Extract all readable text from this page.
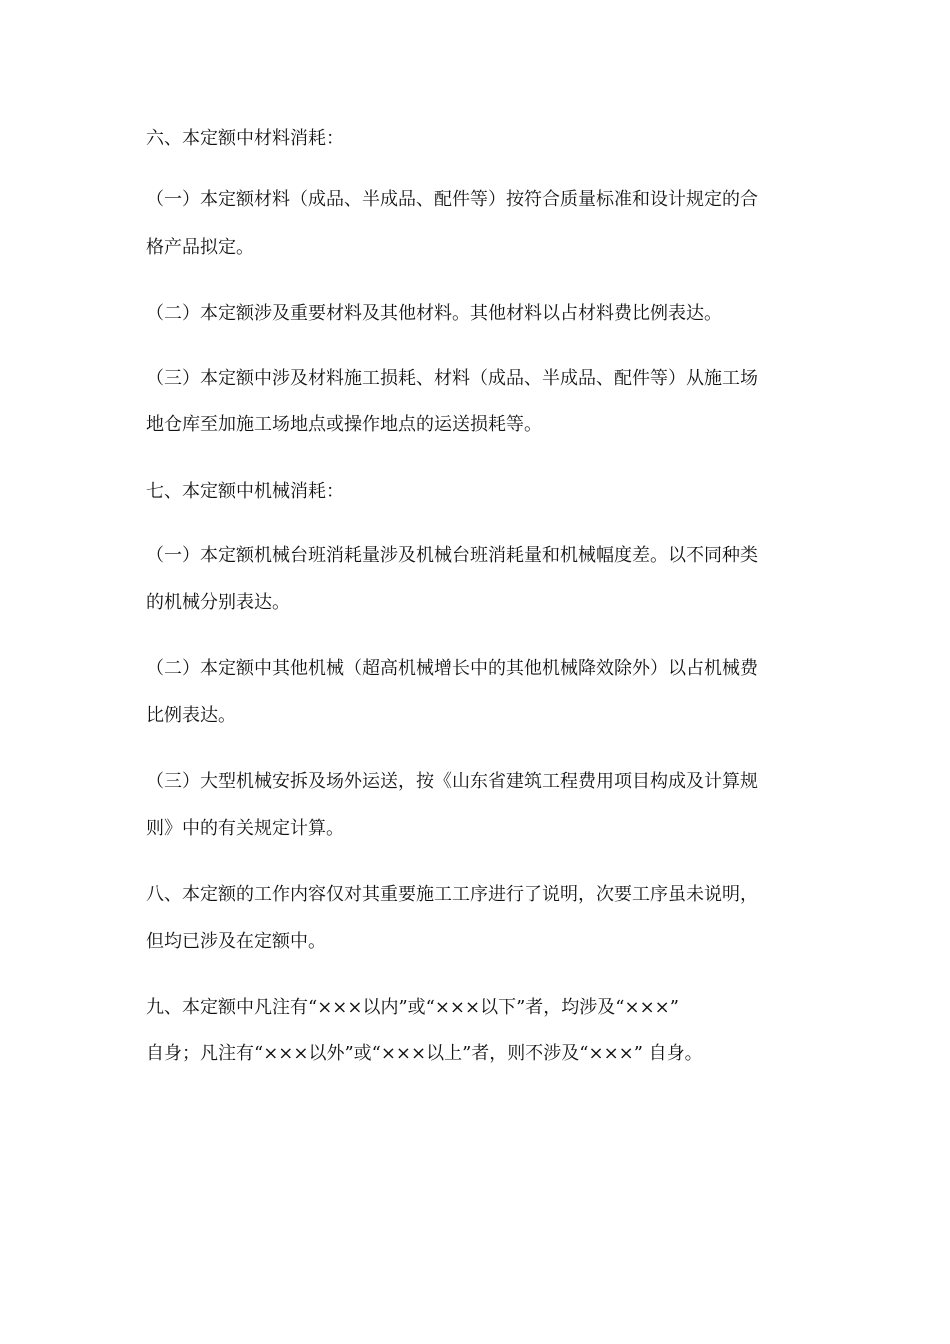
六、本定额中材料消耗：
（一）本定额材料（成品、半成品、配件等）按符合质量标准和设计规定的合
格产品拟定。
（二）本定额涉及重要材料及其他材料。其他材料以占材料费比例表达。
（三）本定额中涉及材料施工损耗、材料（成品、半成品、配件等）从施工场
地仓库至加施工场地点或操作地点的运送损耗等。
七、本定额中机械消耗：
（一）本定额机械台班消耗量涉及机械台班消耗量和机械幅度差。以不同种类
的机械分别表达。
（二）本定额中其他机械（超高机械增长中的其他机械降效除外）以占机械费
比例表达。
（三）大型机械安拆及场外运送，按《山东省建筑工程费用项目构成及计算规
则》中的有关规定计算。
八、本定额的工作内容仅对其重要施工工序进行了说明，次要工序虽未说明，
但均已涉及在定额中。
九、本定额中凡注有“×××以内”或“×××以下”者，均涉及“×××”
自身；凡注有“×××以外”或“×××以上”者，则不涉及“×××” 自身。
